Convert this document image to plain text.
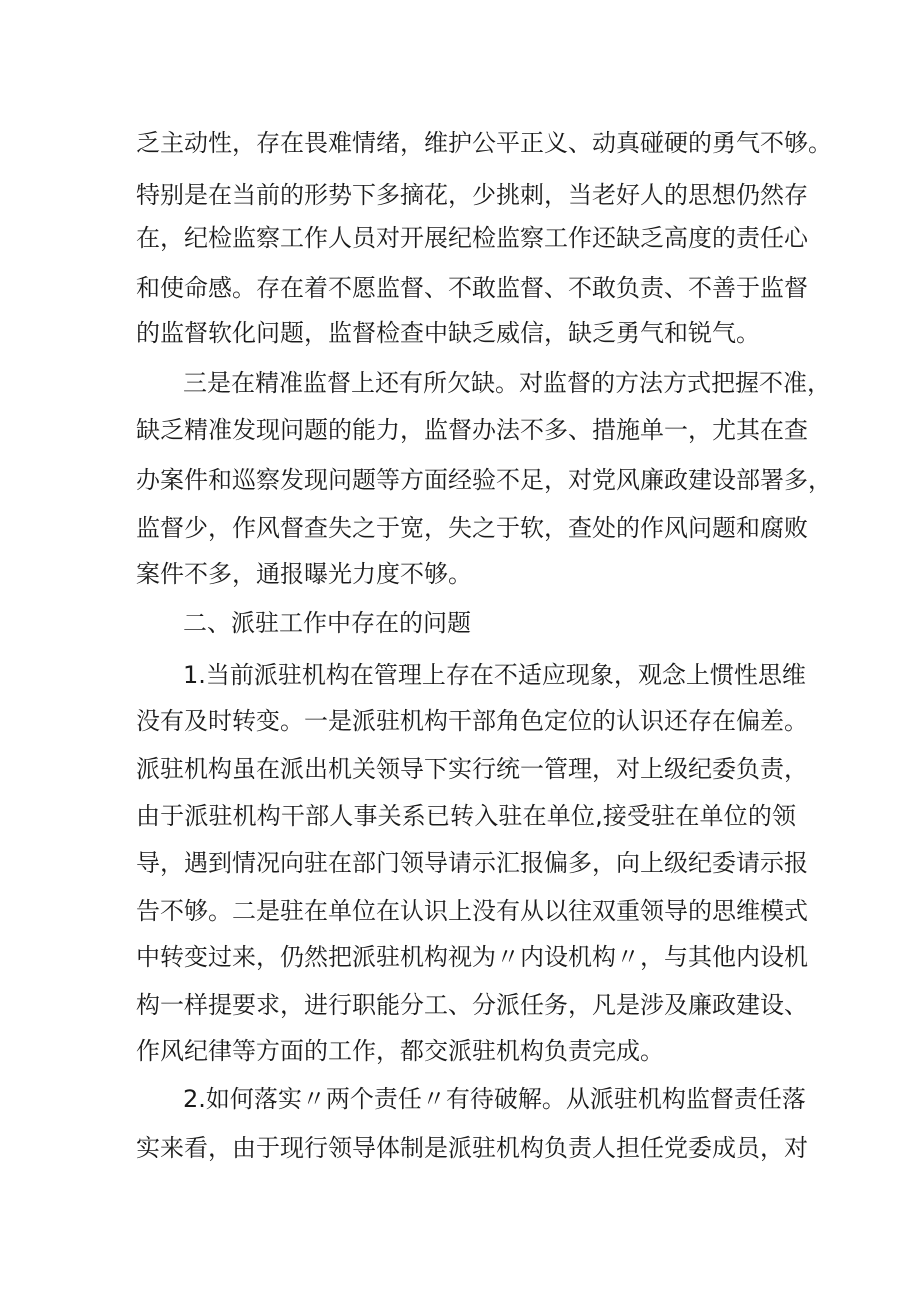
乏主动性，存在畏难情绪，维护公平正义、动真碰硬的勇气不够。
特别是在当前的形势下多摘花，少挑刺，当老好人的思想仍然存
在，纪检监察工作人员对开展纪检监察工作还缺乏高度的责任心
和使命感。存在着不愿监督、不敢监督、不敢负责、不善于监督
的监督软化问题，监督检查中缺乏威信，缺乏勇气和锐气。
三是在精准监督上还有所欠缺。对监督的方法方式把握不准，
缺乏精准发现问题的能力，监督办法不多、措施单一，尤其在查
办案件和巡察发现问题等方面经验不足，对党风廉政建设部署多，
监督少，作风督查失之于宽，失之于软，查处的作风问题和腐败
案件不多，通报曝光力度不够。
二、派驻工作中存在的问题
1.当前派驻机构在管理上存在不适应现象，观念上惯性思维
没有及时转变。一是派驻机构干部角色定位的认识还存在偏差。
派驻机构虽在派出机关领导下实行统一管理，对上级纪委负责，
由于派驻机构干部人事关系已转入驻在单位,接受驻在单位的领
导，遇到情况向驻在部门领导请示汇报偏多，向上级纪委请示报
告不够。二是驻在单位在认识上没有从以往双重领导的思维模式
中转变过来，仍然把派驻机构视为〃内设机构〃，与其他内设机
构一样提要求，进行职能分工、分派任务，凡是涉及廉政建设、
作风纪律等方面的工作，都交派驻机构负责完成。
2.如何落实〃两个责任〃有待破解。从派驻机构监督责任落
实来看，由于现行领导体制是派驻机构负责人担任党委成员，对
